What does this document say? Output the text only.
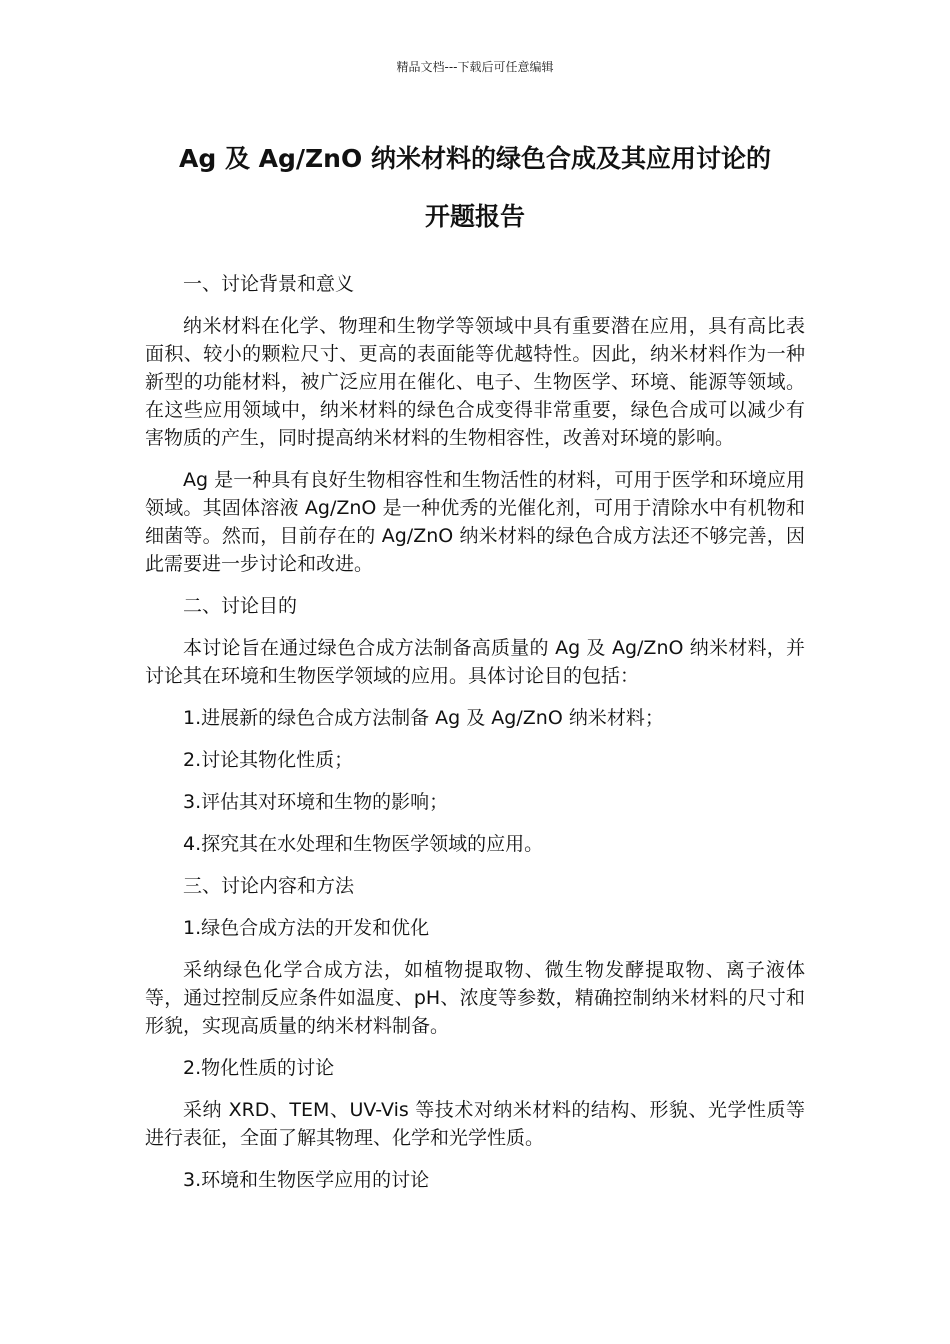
精品文档---下载后可任意编辑
Ag 及 Ag/ZnO 纳米材料的绿色合成及其应用讨论的
开题报告

一、讨论背景和意义

纳米材料在化学、物理和生物学等领域中具有重要潜在应用，具有高比表面积、较小的颗粒尺寸、更高的表面能等优越特性。因此，纳米材料作为一种新型的功能材料，被广泛应用在催化、电子、生物医学、环境、能源等领域。在这些应用领域中，纳米材料的绿色合成变得非常重要，绿色合成可以减少有害物质的产生，同时提高纳米材料的生物相容性，改善对环境的影响。

Ag 是一种具有良好生物相容性和生物活性的材料，可用于医学和环境应用领域。其固体溶液 Ag/ZnO 是一种优秀的光催化剂，可用于清除水中有机物和细菌等。然而，目前存在的 Ag/ZnO 纳米材料的绿色合成方法还不够完善，因此需要进一步讨论和改进。

二、讨论目的

本讨论旨在通过绿色合成方法制备高质量的 Ag 及 Ag/ZnO 纳米材料，并讨论其在环境和生物医学领域的应用。具体讨论目的包括：

1.进展新的绿色合成方法制备 Ag 及 Ag/ZnO 纳米材料；

2.讨论其物化性质；

3.评估其对环境和生物的影响；

4.探究其在水处理和生物医学领域的应用。

三、讨论内容和方法

1.绿色合成方法的开发和优化

采纳绿色化学合成方法，如植物提取物、微生物发酵提取物、离子液体等，通过控制反应条件如温度、pH、浓度等参数，精确控制纳米材料的尺寸和形貌，实现高质量的纳米材料制备。

2.物化性质的讨论

采纳 XRD、TEM、UV-Vis 等技术对纳米材料的结构、形貌、光学性质等进行表征，全面了解其物理、化学和光学性质。

3.环境和生物医学应用的讨论
